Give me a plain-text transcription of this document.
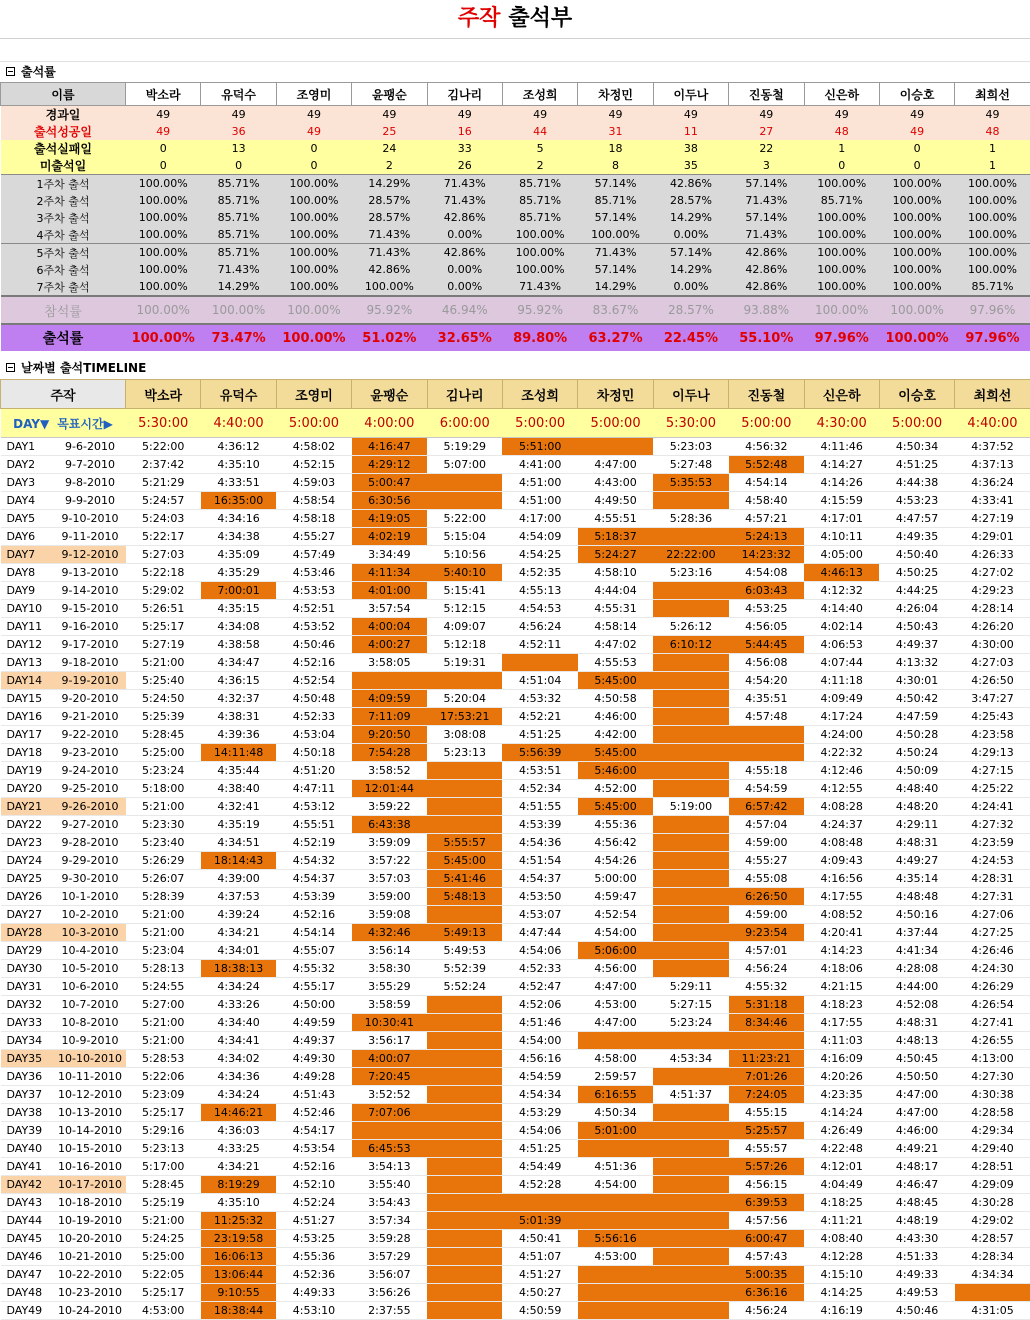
주작 출석부
출석률
이름	박소라	유덕수	조영미	윤팽순	김나리	조성희	차정민	이두나	진동철	신은하	이승호	최희선
경과일	49	49	49	49	49	49	49	49	49	49	49	49
출석성공일	49	36	49	25	16	44	31	11	27	48	49	48
출석실패일	0	13	0	24	33	5	18	38	22	1	0	1
미출석일	0	0	0	2	26	2	8	35	3	0	0	1
1주차 출석	100.00%	85.71%	100.00%	14.29%	71.43%	85.71%	57.14%	42.86%	57.14%	100.00%	100.00%	100.00%
2주차 출석	100.00%	85.71%	100.00%	28.57%	71.43%	85.71%	85.71%	28.57%	71.43%	85.71%	100.00%	100.00%
3주차 출석	100.00%	85.71%	100.00%	28.57%	42.86%	85.71%	57.14%	14.29%	57.14%	100.00%	100.00%	100.00%
4주차 출석	100.00%	85.71%	100.00%	71.43%	0.00%	100.00%	100.00%	0.00%	71.43%	100.00%	100.00%	100.00%
5주차 출석	100.00%	85.71%	100.00%	71.43%	42.86%	100.00%	71.43%	57.14%	42.86%	100.00%	100.00%	100.00%
6주차 출석	100.00%	71.43%	100.00%	42.86%	0.00%	100.00%	57.14%	14.29%	42.86%	100.00%	100.00%	100.00%
7주차 출석	100.00%	14.29%	100.00%	100.00%	0.00%	71.43%	14.29%	0.00%	42.86%	100.00%	100.00%	85.71%
참석률	100.00%	100.00%	100.00%	95.92%	46.94%	95.92%	83.67%	28.57%	93.88%	100.00%	100.00%	97.96%
출석률	100.00%	73.47%	100.00%	51.02%	32.65%	89.80%	63.27%	22.45%	55.10%	97.96%	100.00%	97.96%
날짜별 출석TIMELINE
주작		박소라	유덕수	조영미	윤팽순	김나리	조성희	차정민	이두나	진동철	신은하	이승호	최희선
DAY▼ 목표시간▶		5:30:00	4:40:00	5:00:00	4:00:00	6:00:00	5:00:00	5:00:00	5:30:00	5:00:00	4:30:00	5:00:00	4:40:00
DAY1	9-6-2010	5:22:00	4:36:12	4:58:02	4:16:47	5:19:29	5:51:00		5:23:03	4:56:32	4:11:46	4:50:34	4:37:52
DAY2	9-7-2010	2:37:42	4:35:10	4:52:15	4:29:12	5:07:00	4:41:00	4:47:00	5:27:48	5:52:48	4:14:27	4:51:25	4:37:13
DAY3	9-8-2010	5:21:29	4:33:51	4:59:03	5:00:47		4:51:00	4:43:00	5:35:53	4:54:14	4:14:26	4:44:38	4:36:24
DAY4	9-9-2010	5:24:57	16:35:00	4:58:54	6:30:56		4:51:00	4:49:50		4:58:40	4:15:59	4:53:23	4:33:41
DAY5	9-10-2010	5:24:03	4:34:16	4:58:18	4:19:05	5:22:00	4:17:00	4:55:51	5:28:36	4:57:21	4:17:01	4:47:57	4:27:19
DAY6	9-11-2010	5:22:17	4:34:38	4:55:27	4:02:19	5:15:04	4:54:09	5:18:37		5:24:13	4:10:11	4:49:35	4:29:01
DAY7	9-12-2010	5:27:03	4:35:09	4:57:49	3:34:49	5:10:56	4:54:25	5:24:27	22:22:00	14:23:32	4:05:00	4:50:40	4:26:33
DAY8	9-13-2010	5:22:18	4:35:29	4:53:46	4:11:34	5:40:10	4:52:35	4:58:10	5:23:16	4:54:08	4:46:13	4:50:25	4:27:02
DAY9	9-14-2010	5:29:02	7:00:01	4:53:53	4:01:00	5:15:41	4:55:13	4:44:04		6:03:43	4:12:32	4:44:25	4:29:23
DAY10	9-15-2010	5:26:51	4:35:15	4:52:51	3:57:54	5:12:15	4:54:53	4:55:31		4:53:25	4:14:40	4:26:04	4:28:14
DAY11	9-16-2010	5:25:17	4:34:08	4:53:52	4:00:04	4:09:07	4:56:24	4:58:14	5:26:12	4:56:05	4:02:14	4:50:43	4:26:20
DAY12	9-17-2010	5:27:19	4:38:58	4:50:46	4:00:27	5:12:18	4:52:11	4:47:02	6:10:12	5:44:45	4:06:53	4:49:37	4:30:00
DAY13	9-18-2010	5:21:00	4:34:47	4:52:16	3:58:05	5:19:31		4:55:53		4:56:08	4:07:44	4:13:32	4:27:03
DAY14	9-19-2010	5:25:40	4:36:15	4:52:54			4:51:04	5:45:00		4:54:20	4:11:18	4:30:01	4:26:50
DAY15	9-20-2010	5:24:50	4:32:37	4:50:48	4:09:59	5:20:04	4:53:32	4:50:58		4:35:51	4:09:49	4:50:42	3:47:27
DAY16	9-21-2010	5:25:39	4:38:31	4:52:33	7:11:09	17:53:21	4:52:21	4:46:00		4:57:48	4:17:24	4:47:59	4:25:43
DAY17	9-22-2010	5:28:45	4:39:36	4:53:04	9:20:50	3:08:08	4:51:25	4:42:00			4:24:00	4:50:28	4:23:58
DAY18	9-23-2010	5:25:00	14:11:48	4:50:18	7:54:28	5:23:13	5:56:39	5:45:00			4:22:32	4:50:24	4:29:13
DAY19	9-24-2010	5:23:24	4:35:44	4:51:20	3:58:52		4:53:51	5:46:00		4:55:18	4:12:46	4:50:09	4:27:15
DAY20	9-25-2010	5:18:00	4:38:40	4:47:11	12:01:44		4:52:34	4:52:00		4:54:59	4:12:55	4:48:40	4:25:22
DAY21	9-26-2010	5:21:00	4:32:41	4:53:12	3:59:22		4:51:55	5:45:00	5:19:00	6:57:42	4:08:28	4:48:20	4:24:41
DAY22	9-27-2010	5:23:30	4:35:19	4:55:51	6:43:38		4:53:39	4:55:36		4:57:04	4:24:37	4:29:11	4:27:32
DAY23	9-28-2010	5:23:40	4:34:51	4:52:19	3:59:09	5:55:57	4:54:36	4:56:42		4:59:00	4:08:48	4:48:31	4:23:59
DAY24	9-29-2010	5:26:29	18:14:43	4:54:32	3:57:22	5:45:00	4:51:54	4:54:26		4:55:27	4:09:43	4:49:27	4:24:53
DAY25	9-30-2010	5:26:07	4:39:00	4:54:37	3:57:03	5:41:46	4:54:37	5:00:00		4:55:08	4:16:56	4:35:14	4:28:31
DAY26	10-1-2010	5:28:39	4:37:53	4:53:39	3:59:00	5:48:13	4:53:50	4:59:47		6:26:50	4:17:55	4:48:48	4:27:31
DAY27	10-2-2010	5:21:00	4:39:24	4:52:16	3:59:08		4:53:07	4:52:54		4:59:00	4:08:52	4:50:16	4:27:06
DAY28	10-3-2010	5:21:00	4:34:21	4:54:14	4:32:46	5:49:13	4:47:44	4:54:00		9:23:54	4:20:41	4:37:44	4:27:25
DAY29	10-4-2010	5:23:04	4:34:01	4:55:07	3:56:14	5:49:53	4:54:06	5:06:00		4:57:01	4:14:23	4:41:34	4:26:46
DAY30	10-5-2010	5:28:13	18:38:13	4:55:32	3:58:30	5:52:39	4:52:33	4:56:00		4:56:24	4:18:06	4:28:08	4:24:30
DAY31	10-6-2010	5:24:55	4:34:24	4:55:17	3:55:29	5:52:24	4:52:47	4:47:00	5:29:11	4:55:32	4:21:15	4:44:00	4:26:29
DAY32	10-7-2010	5:27:00	4:33:26	4:50:00	3:58:59		4:52:06	4:53:00	5:27:15	5:31:18	4:18:23	4:52:08	4:26:54
DAY33	10-8-2010	5:21:00	4:34:40	4:49:59	10:30:41		4:51:46	4:47:00	5:23:24	8:34:46	4:17:55	4:48:31	4:27:41
DAY34	10-9-2010	5:21:00	4:34:41	4:49:37	3:56:17		4:54:00				4:11:03	4:48:13	4:26:55
DAY35	10-10-2010	5:28:53	4:34:02	4:49:30	4:00:07		4:56:16	4:58:00	4:53:34	11:23:21	4:16:09	4:50:45	4:13:00
DAY36	10-11-2010	5:22:06	4:34:36	4:49:28	7:20:45		4:54:59	2:59:57		7:01:26	4:20:26	4:50:50	4:27:30
DAY37	10-12-2010	5:23:09	4:34:24	4:51:43	3:52:52		4:54:34	6:16:55	4:51:37	7:24:05	4:23:35	4:47:00	4:30:38
DAY38	10-13-2010	5:25:17	14:46:21	4:52:46	7:07:06		4:53:29	4:50:34		4:55:15	4:14:24	4:47:00	4:28:58
DAY39	10-14-2010	5:29:16	4:36:03	4:54:17			4:54:06	5:01:00		5:25:57	4:26:49	4:46:00	4:29:34
DAY40	10-15-2010	5:23:13	4:33:25	4:53:54	6:45:53		4:51:25			4:55:57	4:22:48	4:49:21	4:29:40
DAY41	10-16-2010	5:17:00	4:34:21	4:52:16	3:54:13		4:54:49	4:51:36		5:57:26	4:12:01	4:48:17	4:28:51
DAY42	10-17-2010	5:28:45	8:19:29	4:52:10	3:55:40		4:52:28	4:54:00		4:56:15	4:04:49	4:46:47	4:29:09
DAY43	10-18-2010	5:25:19	4:35:10	4:52:24	3:54:43					6:39:53	4:18:25	4:48:45	4:30:28
DAY44	10-19-2010	5:21:00	11:25:32	4:51:27	3:57:34		5:01:39			4:57:56	4:11:21	4:48:19	4:29:02
DAY45	10-20-2010	5:24:25	23:19:58	4:53:25	3:59:28		4:50:41	5:56:16		6:00:47	4:08:40	4:43:30	4:28:57
DAY46	10-21-2010	5:25:00	16:06:13	4:55:36	3:57:29		4:51:07	4:53:00		4:57:43	4:12:28	4:51:33	4:28:34
DAY47	10-22-2010	5:22:05	13:06:44	4:52:36	3:56:07		4:51:27			5:00:35	4:15:10	4:49:33	4:34:34
DAY48	10-23-2010	5:25:17	9:10:55	4:49:33	3:56:26		4:50:27			6:36:16	4:14:25	4:49:53	
DAY49	10-24-2010	4:53:00	18:38:44	4:53:10	2:37:55		4:50:59			4:56:24	4:16:19	4:50:46	4:31:05
